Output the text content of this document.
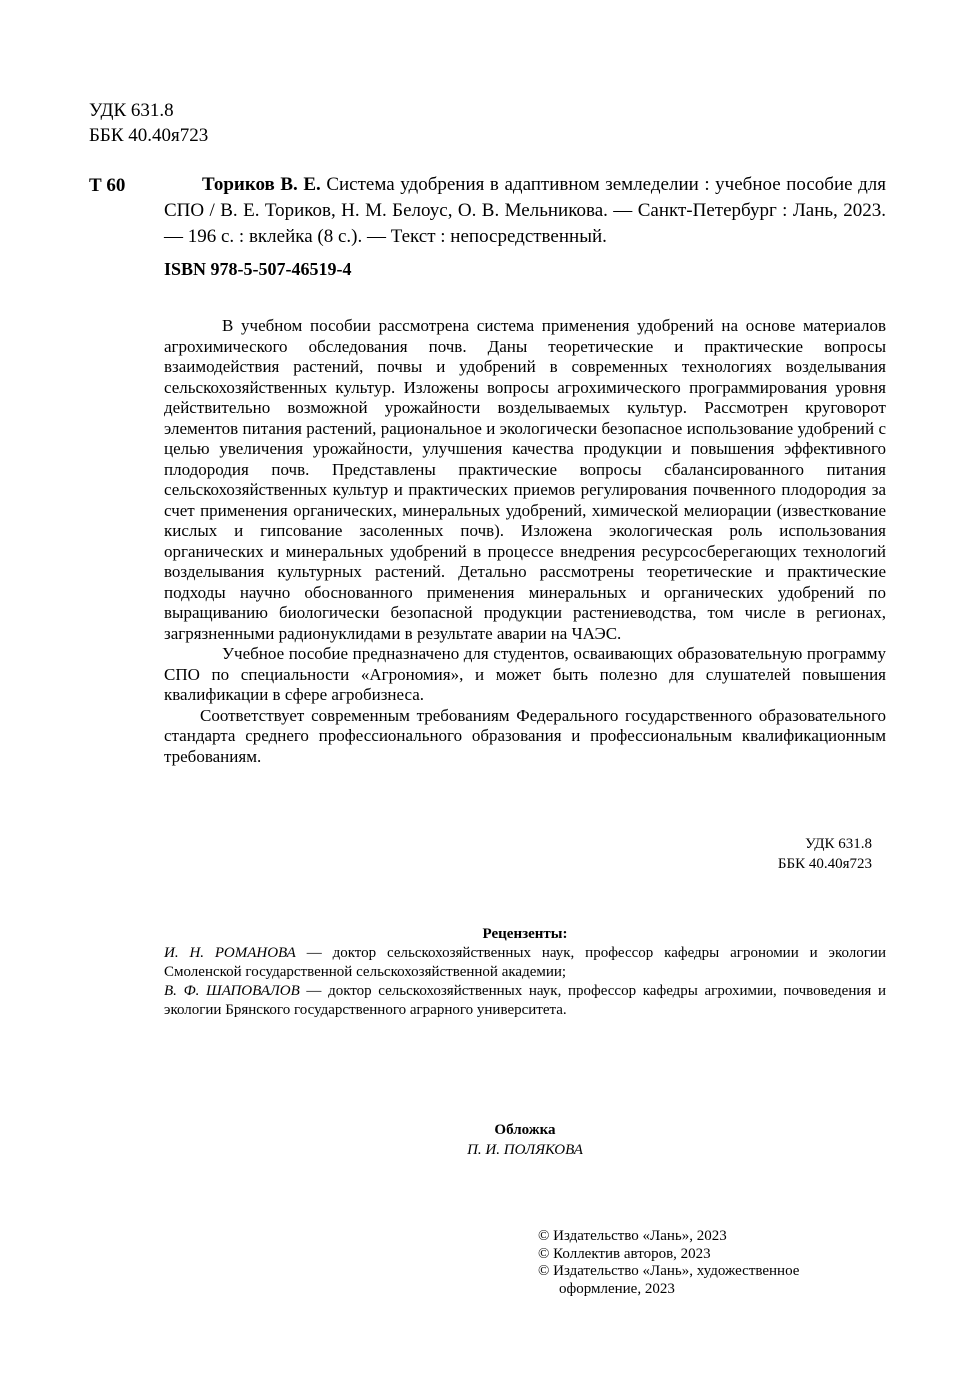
УДК 631.8
ББК 40.40я723
Т 60	Ториков В. Е. Система удобрения в адаптивном земледелии : учебное пособие для СПО / В. Е. Ториков, Н. М. Белоус, О. В. Мельникова. — Санкт-Петербург : Лань, 2023. — 196 с. : вклейка (8 с.). — Текст : непосредственный.
ISBN 978-5-507-46519-4

В учебном пособии рассмотрена система применения удобрений на основе материалов агрохимического обследования почв. Даны теоретические и практические вопросы взаимодействия растений, почвы и удобрений в современных технологиях возделывания сельскохозяйственных культур. Изложены вопросы агрохимического программирования уровня действительно возможной урожайности возделываемых культур. Рассмотрен круговорот элементов питания растений, рациональное и экологически безопасное использование удобрений с целью увеличения урожайности, улучшения качества продукции и повышения эффективного плодородия почв. Представлены практические вопросы сбалансированного питания сельскохозяйственных культур и практических приемов регулирования почвенного плодородия за счет применения органических, минеральных удобрений, химической мелиорации (известкование кислых и гипсование засоленных почв). Изложена экологическая роль использования органических и минеральных удобрений в процессе внедрения ресурсосберегающих технологий возделывания культурных растений. Детально рассмотрены теоретические и практические подходы научно обоснованного применения минеральных и органических удобрений по выращиванию биологически безопасной продукции растениеводства, том числе в регионах, загрязненными радионуклидами в результате аварии на ЧАЭС.

Учебное пособие предназначено для студентов, осваивающих образовательную программу СПО по специальности «Агрономия», и может быть полезно для слушателей повышения квалификации в сфере агробизнеса.

Соответствует современным требованиям Федерального государственного образовательного стандарта среднего профессионального образования и профессиональным квалификационным требованиям.

УДК 631.8
ББК 40.40я723
Рецензенты:

И. Н. РОМАНОВА — доктор сельскохозяйственных наук, профессор кафедры агрономии и экологии Смоленской государственной сельскохозяйственной академии;

В. Ф. ШАПОВАЛОВ — доктор сельскохозяйственных наук, профессор кафедры агрохимии, почвоведения и экологии Брянского государственного аграрного университета.

Обложка
П. И. ПОЛЯКОВА
© Издательство «Лань», 2023
© Коллектив авторов, 2023
© Издательство «Лань», художественное
оформление, 2023
